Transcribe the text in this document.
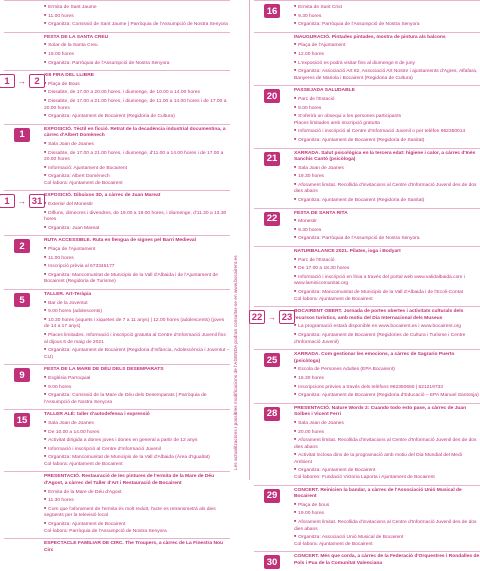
■ Ermita de Sant Jaume

■ 11.00 hores

■ Organitza: Comissió de Sant Jaume | Parròquia de l'Assumpció de Nostra Senyora

FESTA DE LA SANTA CREU

■ Solar de la Santa Creu

■ 19.00 hores

■ Organitza: Parròquia de l'Assumpció de Nostra Senyora

1	→ 2 XIII FIRA DEL LLIBRE

■ Plaça de Bous

■ Dissabte, de 17.00 a 20.00 hores, i diumenge, de 10.00 a 14.00 hores

■ Dissabte, de 17.00 a 21.00 hores, i diumenge, de 11.00 a 14.00 hores i de 17.00 a 20.00 hores

■ Organitza: Ajuntament de Bocairent (Regidoria de Cultura)

1	EXPOSICIÓ. Tèctil en ficció. Retrat de la decadència industrial documentina, a càrrec d'Albert Domènech

■ Sala Joan de Joanes

■ Dissabte, de 17.00 a 21.00 hores, i diumenge, d'11.00 a 14.00 hores i de 17.00 a 20.00 hores

■ Informació: Ajuntament de Bocairent

■ Organitza: Albert Domènech

Col·labora: Ajuntament de Bocairent

1	→ 31 EXPOSICIÓ. Dibuixos 3D, a càrrec de Juan Mareat

■ Exterior del Monestir

■ Difluns, dimecres i divendres, de 19.00 a 19.00 hores, i diumenge, d'11.30 a 13.30 hores

■ Organitza: Juan Mareat

2	RUTA ACCESSIBLE. Ruta en llengua de signes pel Barri Medieval

■ Plaça de l'Ajuntament

■ 11.00 hores

■ Inscripció prèvia al 673346177

■ Organitza: Mancomunitat de Municipis de la Vall d'Albaida i de l'Ajuntament de Bocairent (Regidoria de Turisme)

5	TALLER. Art-Teràpia

■ Bar de la Joventut

■ 9.00 hores (adolescents)

■ 10.30 hores (xiquets i xiquetes de 7 a 11 anys) | 12.00 hores (adolescents) (joves de 14 a 17 anys)

■ Places limitades. Informació i inscripció gratuïta al Centre d'Informació Juvenil fins al dijous 6 de maig de 2021

■ Organitza: Ajuntament de Bocairent (Regidoria d'Infància, Adolescència i Joventut – CIJ)

9	FESTA DE LA MARE DE DÉU DELS DESEMPARATS

■ Església Parroquial

■ 9.00 hores

■ Organitza: Comissió de la Mare de Déu dels Desemparats | Parròquia de l'Assumpció de Nostra Senyora

15	TALLER ALÈ: taller d'autodefensa i expressió

■ Sala Joan de Joanes

■ De 10.00 a 14.00 hores

■ Activitat dirigida a dones joves i dones en general a partir de 12 anys

■ Informació i inscripció al Centre d'Informació Juvenil

■ Organitza: Mancomunitat de Municipis de la Vall d'Albaida (Àrea d'Igualtat)

Col·labora: Ajuntament de Bocairent

PRESENTACIÓ. Restauració de les pintures de l'ermita de la Mare de Déu d'Agost, a càrrec del Taller d'Art i Restauració de Bocairent

■ Ermita de la Mare de Déu d'Agost

■ 11.30 hores

■ Com que l'aforament de l'ermita és molt reduït, l'acte es retransmetrà als dies següents per la televisió local

■ Organitza: Ajuntament de Bocairent

Col·labora: Parròquia de l'Assumpció de Nostra Senyora

ESPECTACLE FAMILIAR DE CIRC. The Troupers, a càrrec de La Finestra Nou Circ

Les actualitzacions i possibles modificacions de l'AGENDA podran consultar-se en www.bocairent.es
16

■	Ermita de Sant Crist

■ 9.30 hores

■ Organitza: Parròquia de l'Assumpció de Nostra Senyora

INAUGURACIÓ. Pintades pintades, mostra de pintura als balcons

■ Plaça de l'Ajuntament

■ 12.00 hores

■ L'exposició es podrà visitar fins al diumenge 6 de juny

■ Organitza: Associació Art 82, Associació Art Nostre i ajuntaments d'Agres, Alfafara, Banyeres de Mariola i Bocairent (Regidoria de Cultura)

20	PASSEJADA SALUDABLE

■ Parc de l'Estació

■ 8.00 hores

■ S'oferirà un obsequi a les persones participants

Places limitades amb inscripció gratuïta

■ Informació i inscripció al Centre d'Informació Juvenil o per telèfon 962350014

■ Organitza: Ajuntament de Bocairent (Regidoria de Sanitat)

21	XARRADA. Salut psicològica en la tercera edat: higiene i calor, a càrrec d'Inès Sanchis Cantó (psicòloga)

■ Sala Joan de Joanes

■ 19.30 hores

■ Aforament limitat. Recollida d'invitacions al Centre d'Informació Juvenil des de dos dies abans

■ Organitza: Ajuntament de Bocairent (Regidoria de Sanitat)

22	FESTA DE SANTA RITA

■ Monestir

■ 9.30 hores

■ Organitza: Parròquia de l'Assumpció de Nostra Senyora

NATURBALANCE 2021. Pilates, ioga i Bodyart

■ Parc de l'Estació

■ De 17.00 a 18.30 hores

■ Informació i inscripció en línia a través del portal web www.validalbaida.com i www.laminicomunitat.org

■ Organitza: Mancomunitat de Municipis de la Vall d'Albaida i de l'Ecoli-Contat

Col·labora: Ajuntament de Bocairent

22 → 23 BOCAIRENT OBERT. Jornada de portes obertes i activitats culturals dels recursos turístics, amb motiu del Dia Internacional dels Museus

■ La programació estarà disponible en www.bocairent.es i www.bocairent.org

■ Organitza: Ajuntament de Bocairent (Regidories de Cultura i Turisme i Centre d'Informació Juvenil)

25	XARRADA. Com gestionar les emocions, a càrrec de Sagrario Puerto (psicòloga)

■ Escola de Persones Adultes (EPA Bocairent)

■ 16.30 hores

■ Inscripcions prèvies a través dels telèfons 962350650 | 621219733

■ Organitza: Ajuntament de Bocairent (Regidoria d'Educació – EPA Manuel Santonja)

28	PRESENTACIÓ. Nature Words 2: Cuando todo esto pase, a càrrec de Juan Solbes i Vicent Ferri

■ Sala Joan de Joanes

■ 20.00 hores

■ Aforament limitat. Recollida d'invitacions al Centre d'Informació Juvenil des de dos dies abans

■ Activitat inclosa dins de la programació amb motiu del Dia Mundial del Medi Ambient

■ Organitza: Ajuntament de Bocairent

Col·laboren: Fundació Victoria Laporta i Ajuntament de Bocairent

29	CONCERT. Reinicien la banda!, a càrrec de l'Associació Unió Musical de Bocairent

■ Plaça de bous

■ 19.00 hores

■ Aforament limitat. Recollida d'invitacions al Centre d'Informació Juvenil des de dos dies abans

■ Organitza: Associació Unió Musical de Bocairent

Col·labora: Ajuntament de Bocairent

30	CONCERT. Més que corda, a càrrec de la Federació d'Orquestres i Rondalles de Pols i Pua de la Comunitat Valenciana
